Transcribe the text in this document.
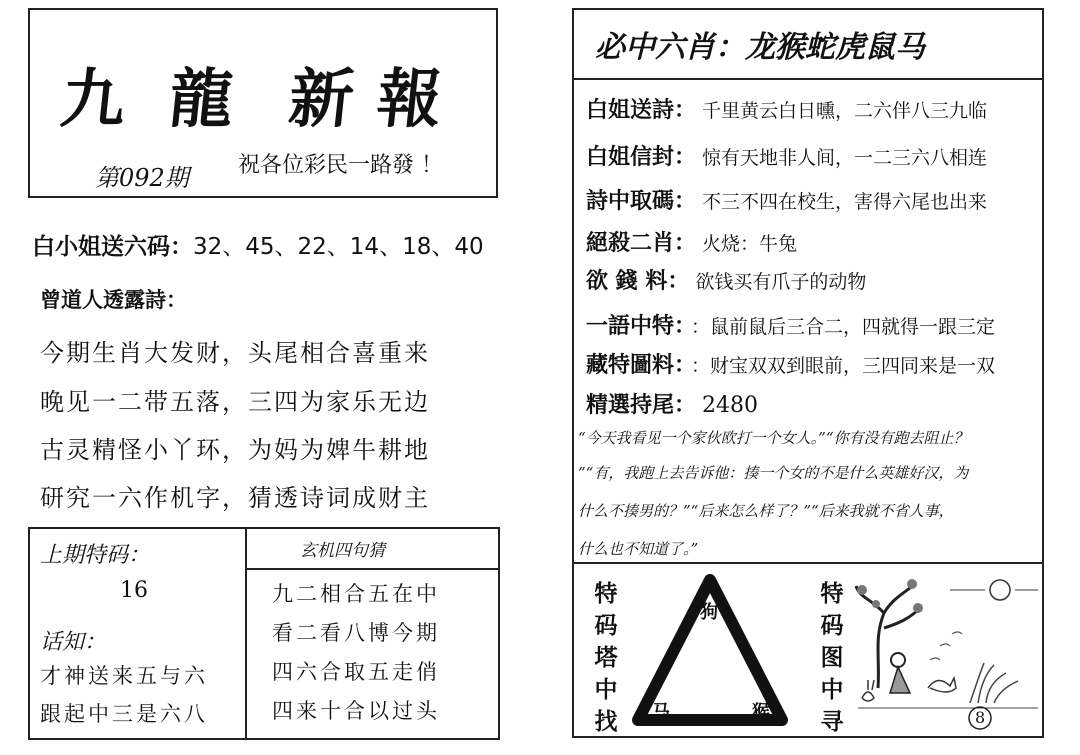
九 龍 新 報
第092期 祝各位彩民一路發 ！
白小姐送六码：32、45、22、14、18、40
曾道人透露詩：
今期生肖大发财，头尾相合喜重来
晚见一二带五落，三四为家乐无边
古灵精怪小丫环，为妈为婢牛耕地
研究一六作机字，猜透诗词成财主
上期特码：
16
话知：
才神送来五与六
跟起中三是六八
玄机四句猜
九二相合五在中
看二看八博今期
四六合取五走俏
四来十合以过头
必中六肖：龙猴蛇虎鼠马
白姐送詩： 千里黄云白日曛，二六伴八三九临
白姐信封： 惊有天地非人间，一二三六八相连
詩中取碼： 不三不四在校生，害得六尾也出来
絕殺二肖： 火烧：牛兔
欲 錢 料： 欲钱买有爪子的动物
一語中特： ：鼠前鼠后三合二，四就得一跟三定
藏特圖料： ：财宝双双到眼前，三四同来是一双
精選持尾： 2480
“今天我看见一个家伙欧打一个女人。”“你有没有跑去阻止？
”“有，我跑上去告诉他：揍一个女的不是什么英雄好汉，为
什么不揍男的？”“后来怎么样了？”“后来我就不省人事，
什么也不知道了。”
特
码
塔
中
找
狗
马	猴
特
码
图
中
寻	8
